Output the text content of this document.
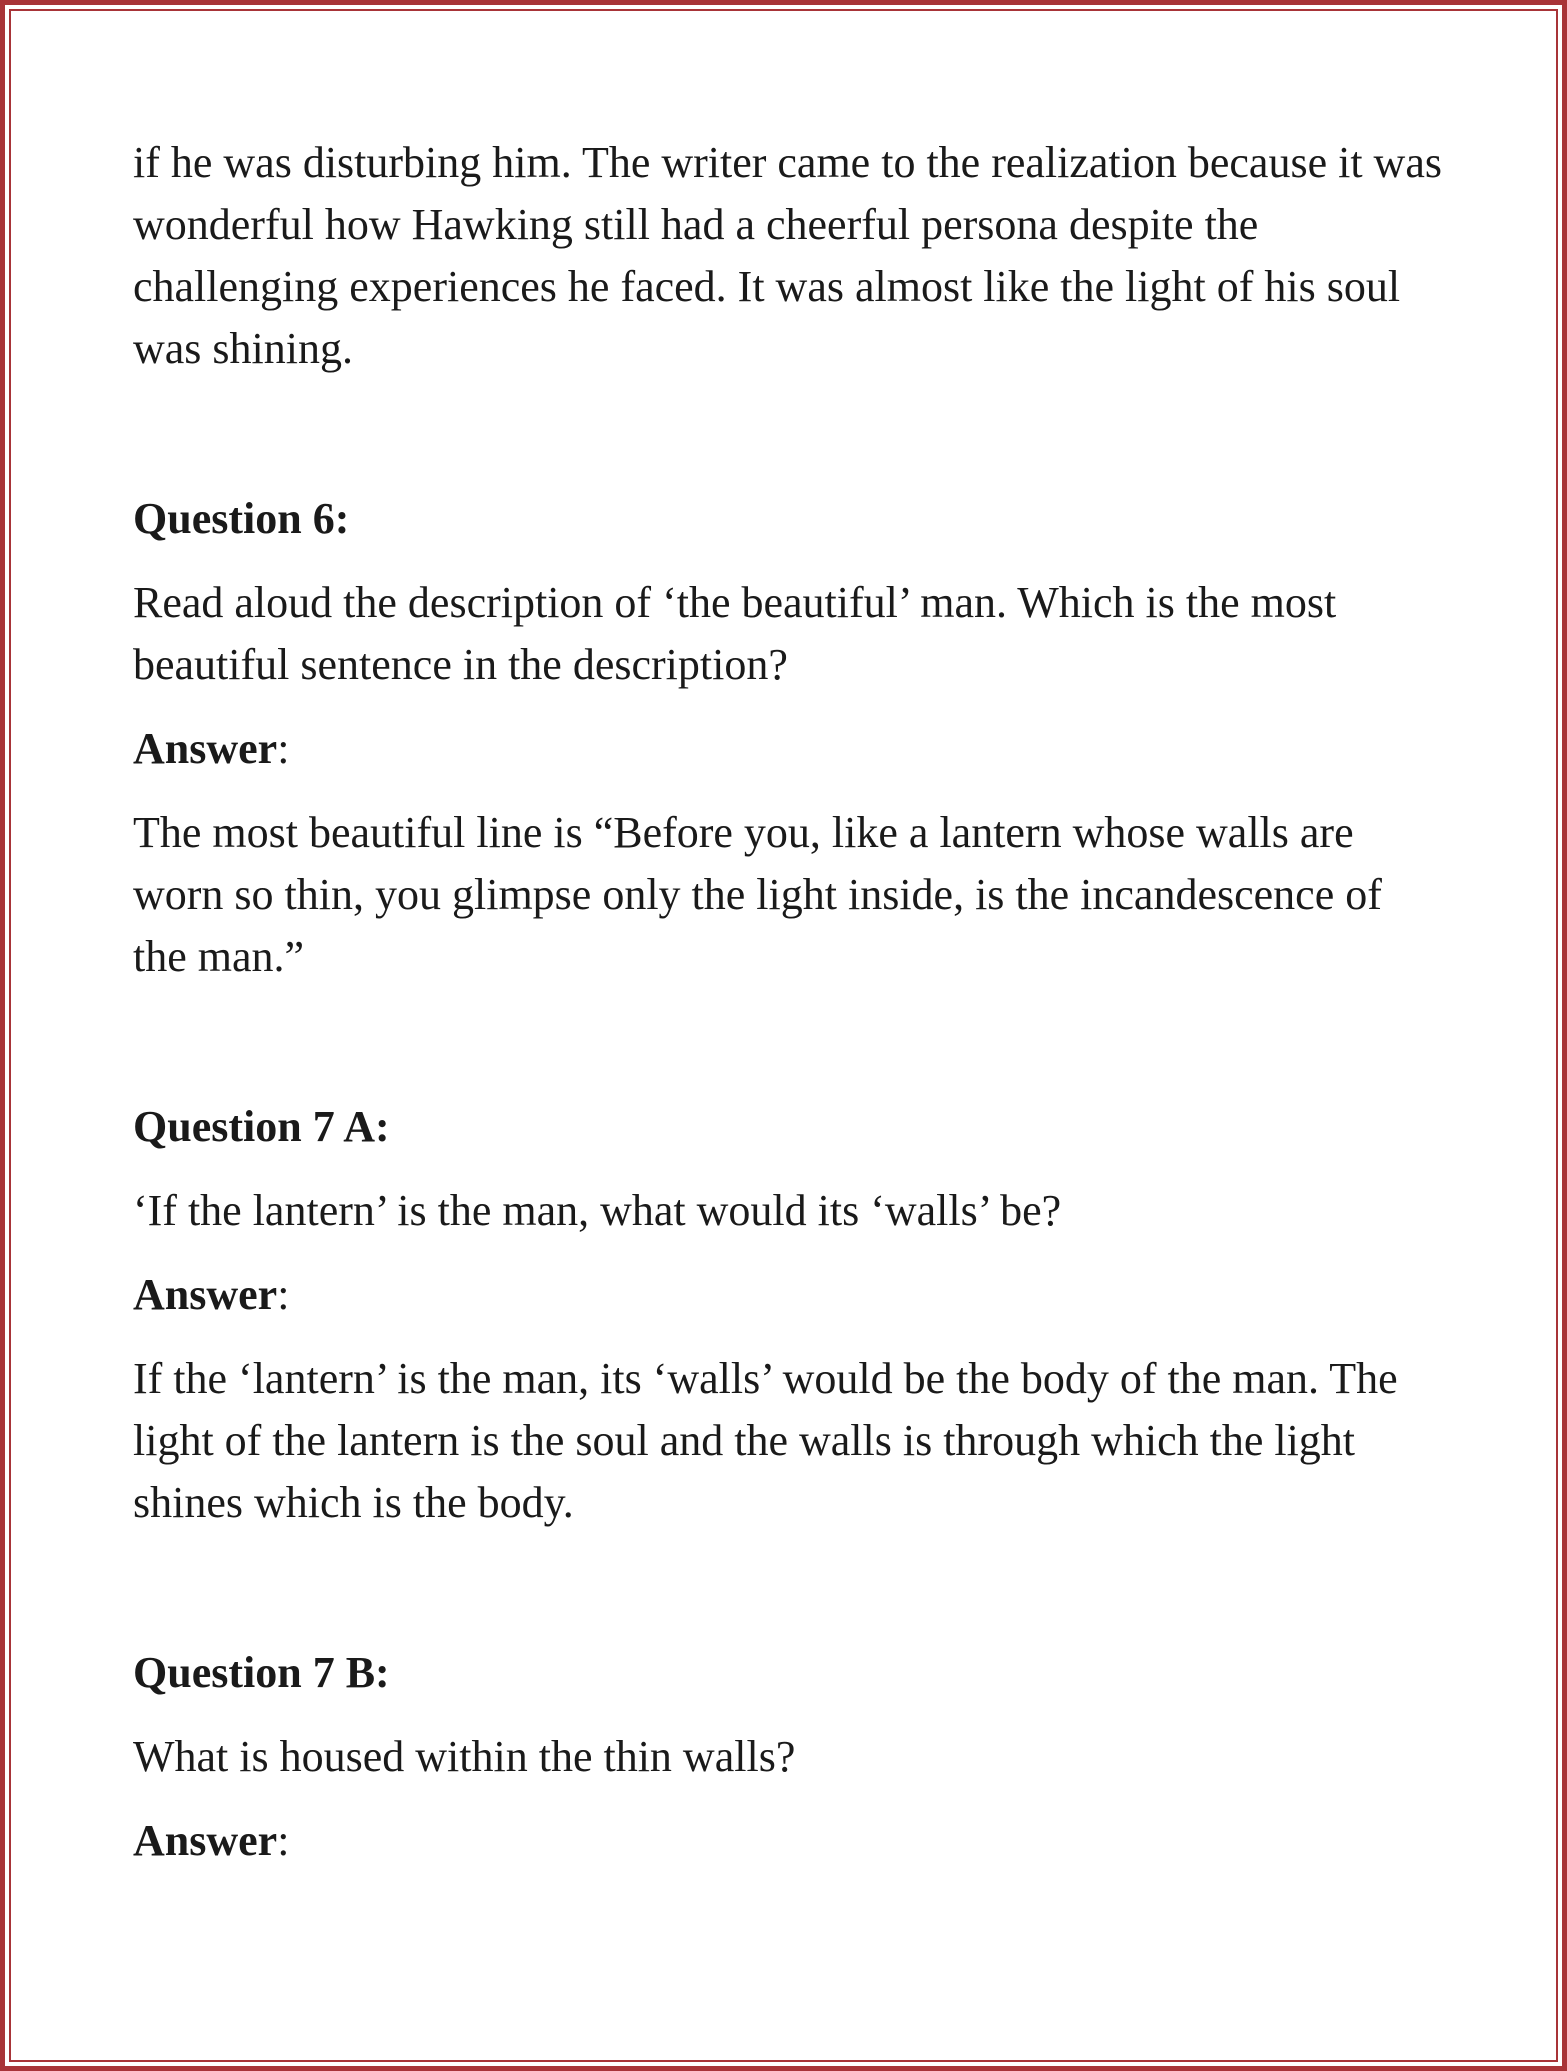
if he was disturbing him. The writer came to the realization because it was wonderful how Hawking still had a cheerful persona despite the challenging experiences he faced. It was almost like the light of his soul was shining.

Question 6:

Read aloud the description of ‘the beautiful’ man. Which is the most beautiful sentence in the description?

Answer:

The most beautiful line is “Before you, like a lantern whose walls are worn so thin, you glimpse only the light inside, is the incandescence of the man.”

Question 7 A:

‘If the lantern’ is the man, what would its ‘walls’ be?

Answer:

If the ‘lantern’ is the man, its ‘walls’ would be the body of the man. The light of the lantern is the soul and the walls is through which the light shines which is the body.

Question 7 B:

What is housed within the thin walls?

Answer:
